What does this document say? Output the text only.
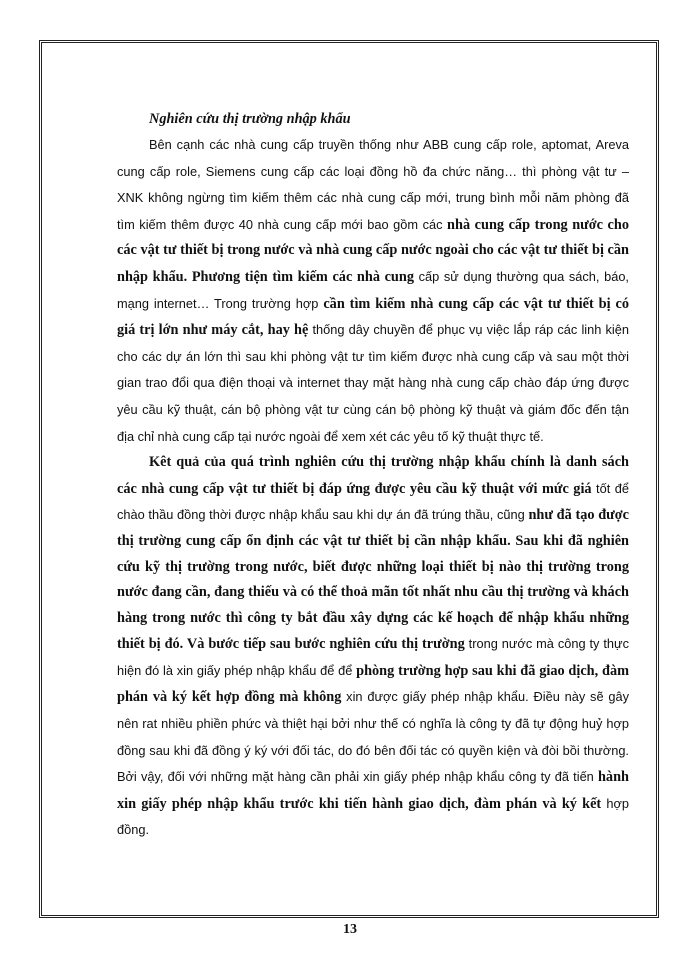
Nghiên cứu thị trường nhập khẩu

Bên cạnh các nhà cung cấp truyền thống như ABB cung cấp role, aptomat, Areva cung cấp role, Siemens cung cấp các loại đồng hồ đa chức năng… thì phòng vật tư – XNK không ngừng tìm kiếm thêm các nhà cung cấp mới, trung bình mỗi năm phòng đã tìm kiếm thêm được 40 nhà cung cấp mới bao gồm các nhà cung cấp trong nước cho các vật tư thiết bị trong nước và nhà cung cấp nước ngoài cho các vật tư thiết bị cần nhập khẩu. Phương tiện tìm kiếm các nhà cung cấp sử dụng thường qua sách, báo, mạng internet… Trong trường hợp cần tìm kiếm nhà cung cấp các vật tư thiết bị có giá trị lớn như máy cắt, hay hệ thống dây chuyền để phục vụ việc lắp ráp các linh kiện cho các dự án lớn thì sau khi phòng vật tư tìm kiếm được nhà cung cấp và sau một thời gian trao đổi qua điện thoại và internet thay mặt hàng nhà cung cấp chào đáp ứng được yêu cầu kỹ thuật, cán bộ phòng vật tư cùng cán bộ phòng kỹ thuật và giám đốc đến tận địa chỉ nhà cung cấp tại nước ngoài để xem xét các yêu tố kỹ thuật thực tế.

Kêt quả của quá trình nghiên cứu thị trường nhập khẩu chính là danh sách các nhà cung cấp vật tư thiết bị đáp ứng được yêu cầu kỹ thuật với mức giá tốt để chào thầu đồng thời được nhập khẩu sau khi dự án đã trúng thầu, cũng như đã tạo được thị trường cung cấp ổn định các vật tư thiết bị cần nhập khẩu. Sau khi đã nghiên cứu kỹ thị trường trong nước, biết được những loại thiết bị nào thị trường trong nước đang cần, đang thiếu và có thể thoả mãn tốt nhất nhu cầu thị trường và khách hàng trong nước thì công ty bắt đầu xây dựng các kế hoạch để nhập khẩu những thiết bị đó. Và bước tiếp sau bước nghiên cứu thị trường trong nước mà công ty thực hiện đó là xin giấy phép nhập khẩu để để phòng trường hợp sau khi đã giao dịch, đàm phán và ký kết hợp đồng mà không xin được giấy phép nhập khẩu. Điều này sẽ gây nên rat nhiều phiền phức và thiệt hại bởi như thế có nghĩa là công ty đã tự động huỷ hợp đồng sau khi đã đồng ý ký với đối tác, do đó bên đối tác có quyền kiện và đòi bồi thường. Bởi vậy, đối với những mặt hàng cần phải xin giấy phép nhập khẩu công ty đã tiến hành xin giấy phép nhập khẩu trước khi tiến hành giao dịch, đàm phán và ký kết hợp đồng.

13
